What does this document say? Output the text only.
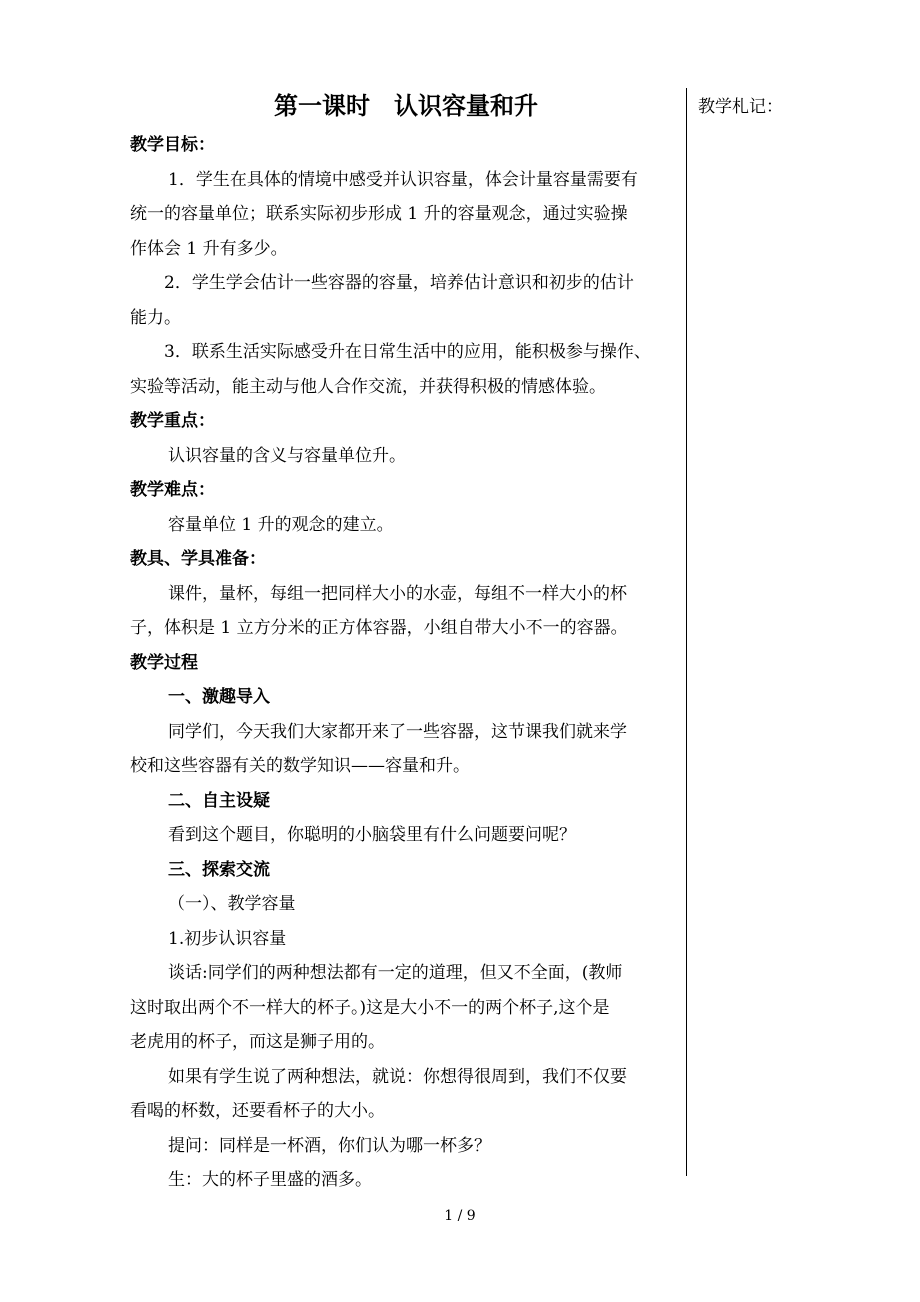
第一课时　认识容量和升
教学目标：
1．学生在具体的情境中感受并认识容量，体会计量容量需要有
统一的容量单位；联系实际初步形成 1 升的容量观念，通过实验操
作体会 1 升有多少。
2．学生学会估计一些容器的容量，培养估计意识和初步的估计
能力。
3．联系生活实际感受升在日常生活中的应用，能积极参与操作、
实验等活动，能主动与他人合作交流，并获得积极的情感体验。
教学重点：
认识容量的含义与容量单位升。
教学难点：
容量单位 1 升的观念的建立。
教具、学具准备：
课件，量杯，每组一把同样大小的水壶，每组不一样大小的杯
子，体积是 1 立方分米的正方体容器，小组自带大小不一的容器。
教学过程
一、激趣导入
同学们，今天我们大家都开来了一些容器，这节课我们就来学
校和这些容器有关的数学知识——容量和升。
二、自主设疑
看到这个题目，你聪明的小脑袋里有什么问题要问呢？
三、探索交流
（一）、教学容量
1.初步认识容量
谈话:同学们的两种想法都有一定的道理，但又不全面，(教师
这时取出两个不一样大的杯子。)这是大小不一的两个杯子,这个是
老虎用的杯子，而这是狮子用的。
如果有学生说了两种想法，就说：你想得很周到，我们不仅要
看喝的杯数，还要看杯子的大小。
提问：同样是一杯酒，你们认为哪一杯多？
生：大的杯子里盛的酒多。
教学札记：
1 / 9
